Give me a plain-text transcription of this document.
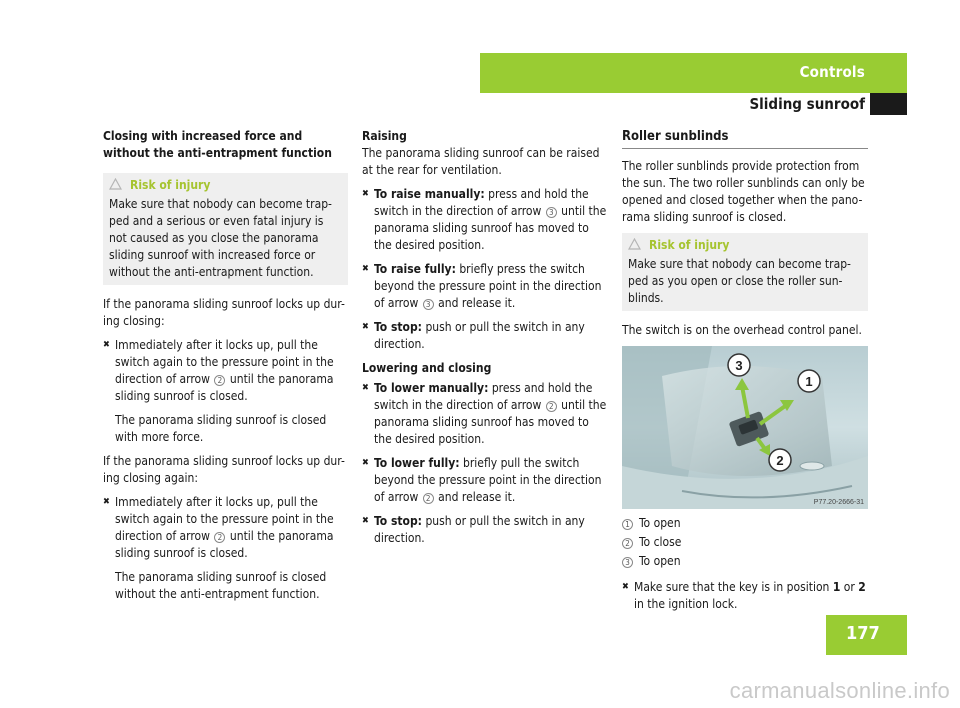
Controls
Sliding sunroof
Closing with increased force and without the anti-entrapment function
Risk of injury
Make sure that nobody can become trap-ped and a serious or even fatal injury is not caused as you close the panorama sliding sunroof with increased force or without the anti-entrapment function.
If the panorama sliding sunroof locks up dur-ing closing:
✖ Immediately after it locks up, pull the switch again to the pressure point in the direction of arrow 2 until the panorama sliding sunroof is closed.
The panorama sliding sunroof is closed with more force.
If the panorama sliding sunroof locks up dur-ing closing again:
✖ Immediately after it locks up, pull the switch again to the pressure point in the direction of arrow 2 until the panorama sliding sunroof is closed.
The panorama sliding sunroof is closed without the anti-entrapment function.
Raising
The panorama sliding sunroof can be raised at the rear for ventilation.
✖ To raise manually: press and hold the switch in the direction of arrow 3 until the panorama sliding sunroof has moved to the desired position.
✖ To raise fully: briefly press the switch beyond the pressure point in the direction of arrow 3 and release it.
✖ To stop: push or pull the switch in any direction.
Lowering and closing
✖ To lower manually: press and hold the switch in the direction of arrow 2 until the panorama sliding sunroof has moved to the desired position.
✖ To lower fully: briefly pull the switch beyond the pressure point in the direction of arrow 2 and release it.
✖ To stop: push or pull the switch in any direction.
Roller sunblinds
The roller sunblinds provide protection from the sun. The two roller sunblinds can only be opened and closed together when the pano-rama sliding sunroof is closed.
Risk of injury
Make sure that nobody can become trap-ped as you open or close the roller sun-blinds.
The switch is on the overhead control panel.
3
1
2
P77.20-2666-31
1 To open
2 To close
3 To open
✖ Make sure that the key is in position 1 or 2 in the ignition lock.
177
carmanualsonline.info
